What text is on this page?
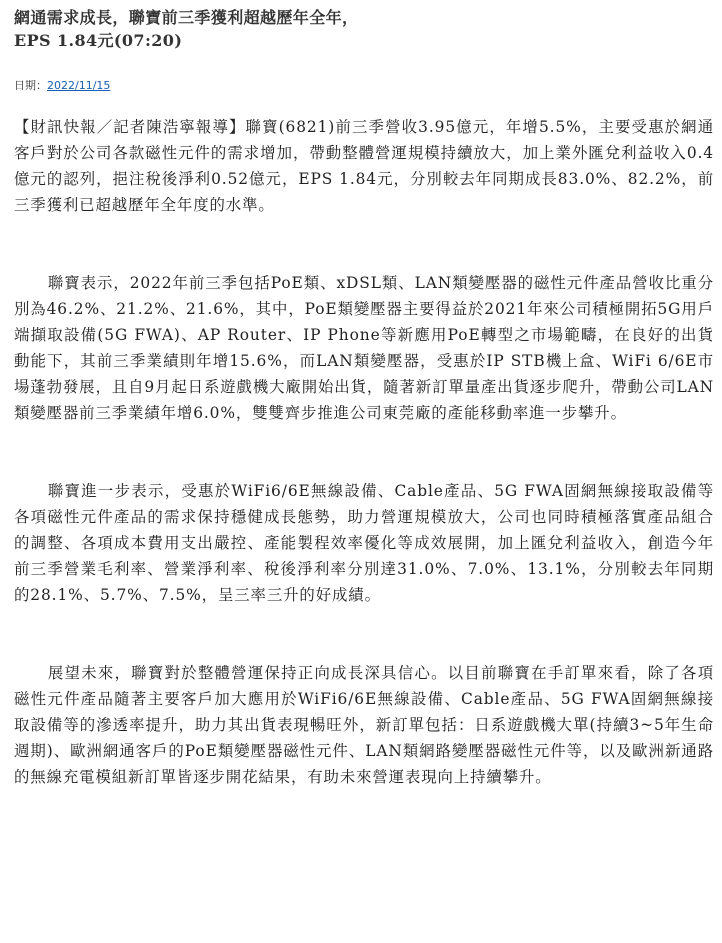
網通需求成長，聯寶前三季獲利超越歷年全年，
EPS 1.84元(07:20)
日期：2022/11/15

【財訊快報／記者陳浩寧報導】聯寶(6821)前三季營收3.95億元，年增5.5%，主要受惠於網通客戶對於公司各款磁性元件的需求增加，帶動整體營運規模持續放大，加上業外匯兌利益收入0.4億元的認列，挹注稅後淨利0.52億元，EPS 1.84元，分別較去年同期成長83.0%、82.2%，前三季獲利已超越歷年全年度的水準。

聯寶表示，2022年前三季包括PoE類、xDSL類、LAN類變壓器的磁性元件產品營收比重分別為46.2%、21.2%、21.6%，其中，PoE類變壓器主要得益於2021年來公司積極開拓5G用戶端擷取設備(5G FWA)、AP Router、IP Phone等新應用PoE轉型之市場範疇，在良好的出貨動能下，其前三季業績則年增15.6%，而LAN類變壓器，受惠於IP STB機上盒、WiFi 6/6E市場蓬勃發展，且自9月起日系遊戲機大廠開始出貨，隨著新訂單量產出貨逐步爬升，帶動公司LAN類變壓器前三季業績年增6.0%，雙雙齊步推進公司東莞廠的產能移動率進一步攀升。

聯寶進一步表示，受惠於WiFi6/6E無線設備、Cable產品、5G FWA固網無線接取設備等各項磁性元件產品的需求保持穩健成長態勢，助力營運規模放大，公司也同時積極落實產品組合的調整、各項成本費用支出嚴控、產能製程效率優化等成效展開，加上匯兌利益收入，創造今年前三季營業毛利率、營業淨利率、稅後淨利率分別達31.0%、7.0%、13.1%，分別較去年同期的28.1%、5.7%、7.5%，呈三率三升的好成績。

展望未來，聯寶對於整體營運保持正向成長深具信心。以目前聯寶在手訂單來看，除了各項磁性元件產品隨著主要客戶加大應用於WiFi6/6E無線設備、Cable產品、5G FWA固網無線接取設備等的滲透率提升，助力其出貨表現暢旺外，新訂單包括：日系遊戲機大單(持續3~5年生命週期)、歐洲網通客戶的PoE類變壓器磁性元件、LAN類網路變壓器磁性元件等，以及歐洲新通路的無線充電模組新訂單皆逐步開花結果，有助未來營運表現向上持續攀升。
